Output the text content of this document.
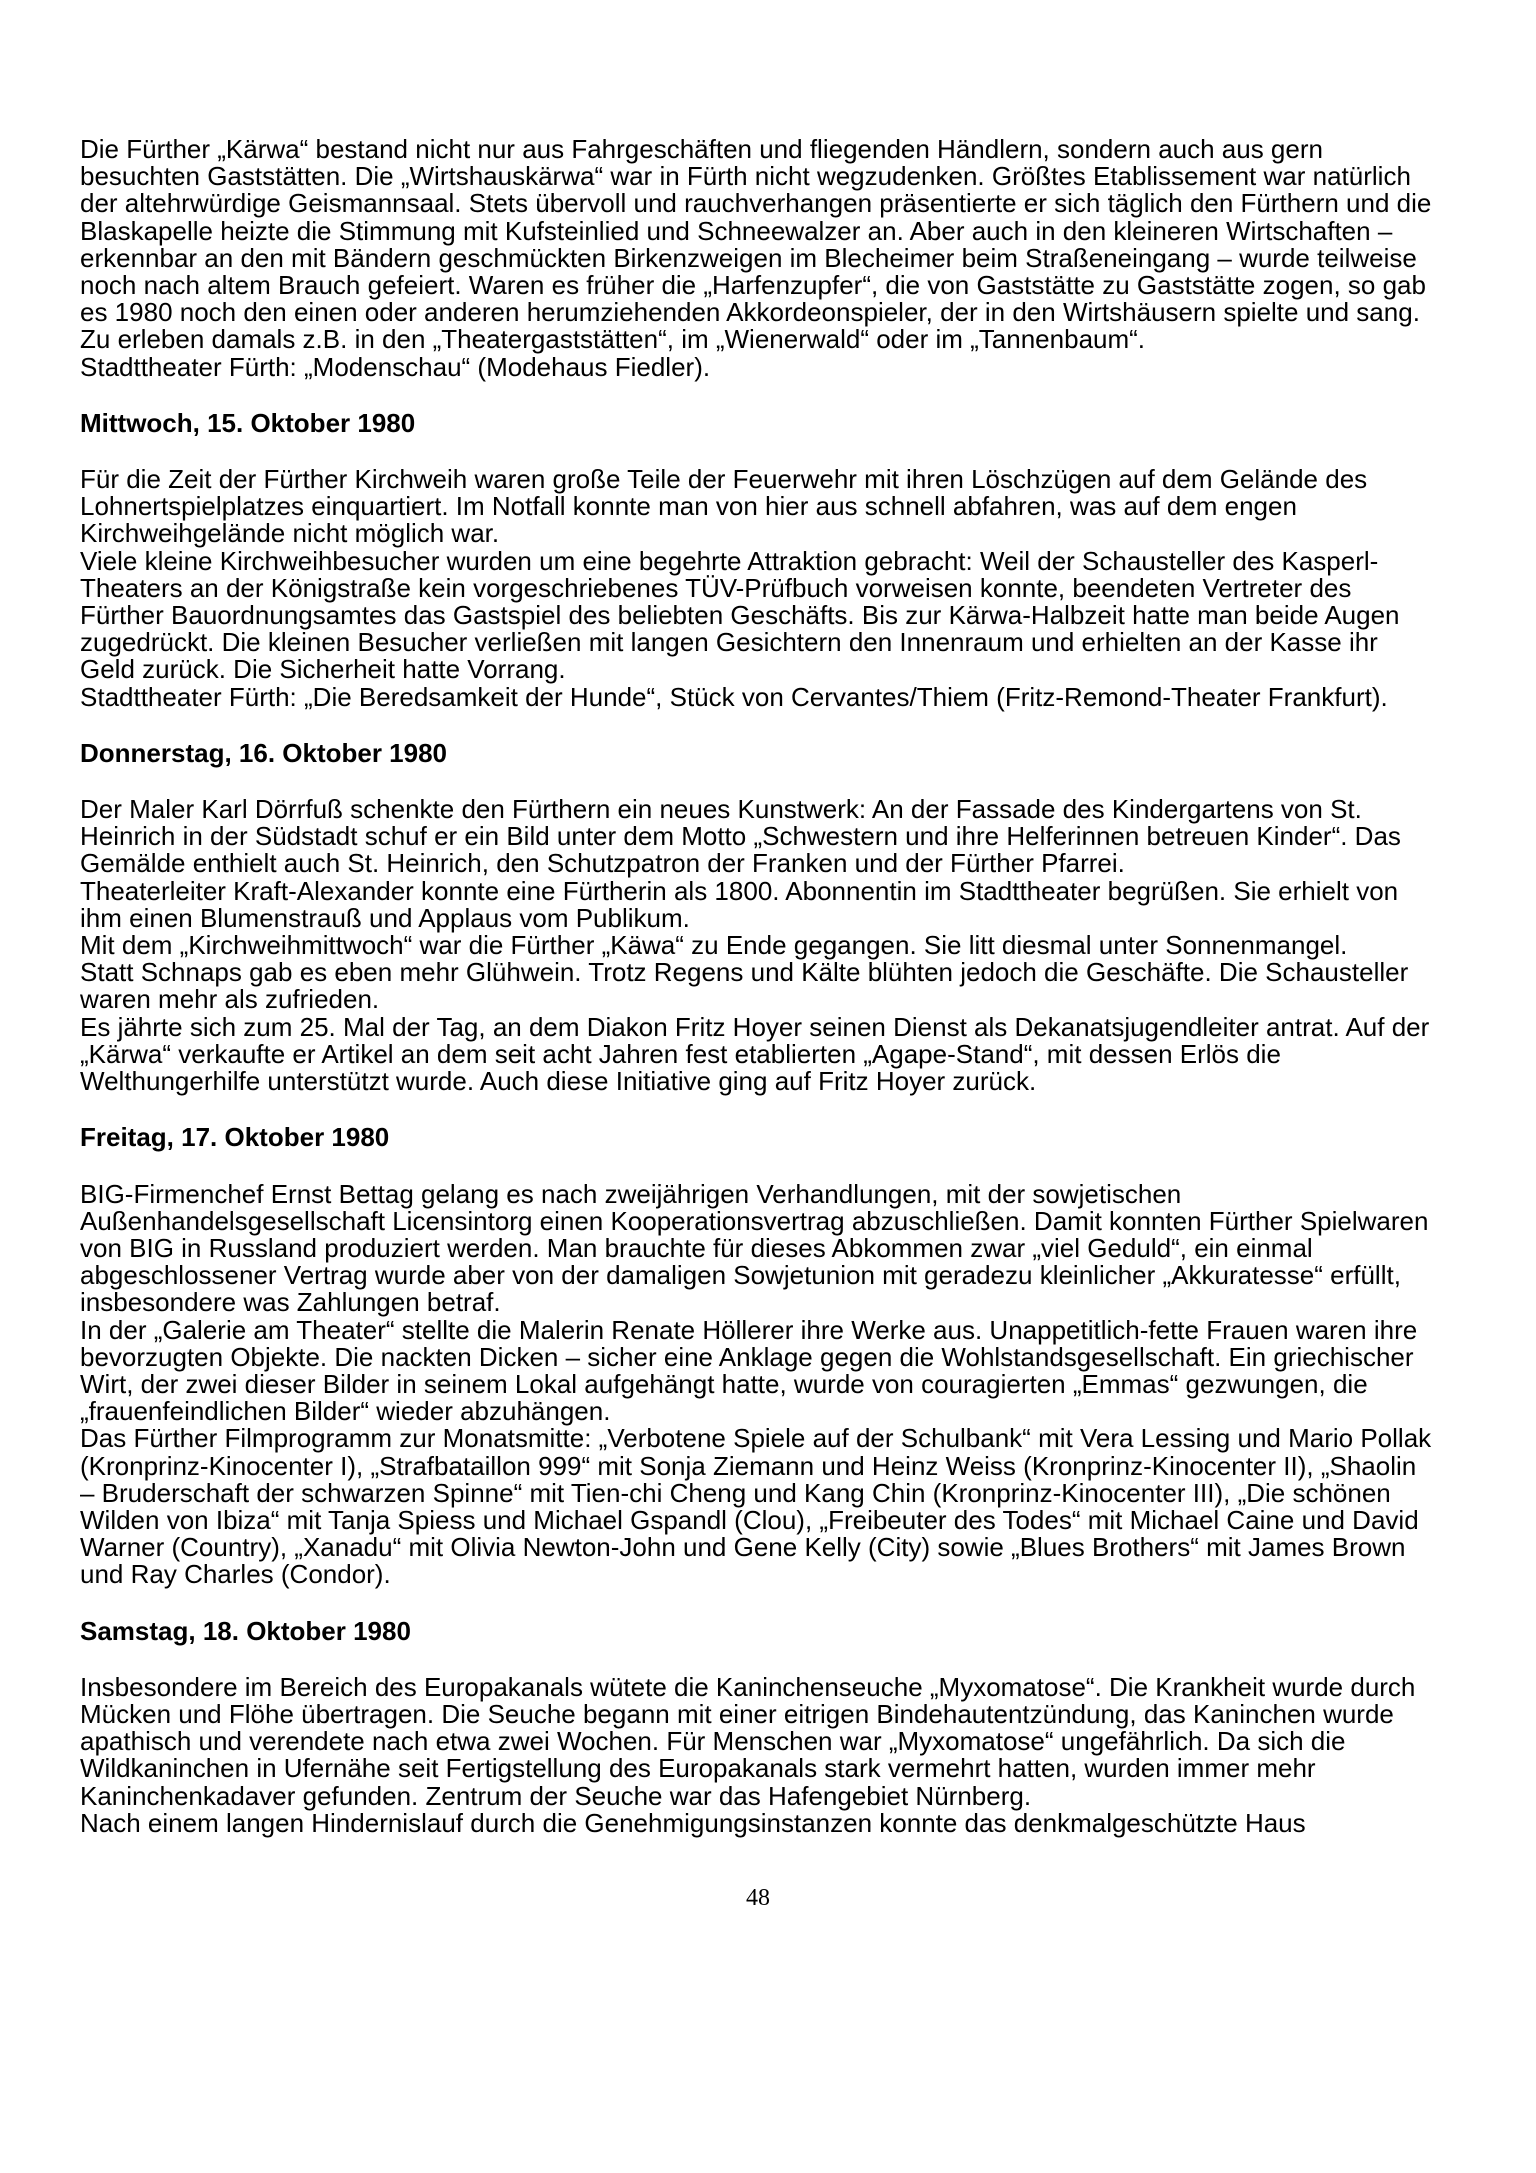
Die Fürther „Kärwa“ bestand nicht nur aus Fahrgeschäften und fliegenden Händlern, sondern auch aus gern besuchten Gaststätten. Die „Wirtshauskärwa“ war in Fürth nicht wegzudenken. Größtes Etablissement war natürlich der altehrwürdige Geismannsaal. Stets übervoll und rauchverhangen präsentierte er sich täglich den Fürthern und die Blaskapelle heizte die Stimmung mit Kufsteinlied und Schneewalzer an. Aber auch in den kleineren Wirtschaften – erkennbar an den mit Bändern geschmückten Birkenzweigen im Blecheimer beim Straßeneingang – wurde teilweise noch nach altem Brauch gefeiert. Waren es früher die „Harfenzupfer“, die von Gaststätte zu Gaststätte zogen, so gab es 1980 noch den einen oder anderen herumziehenden Akkordeonspieler, der in den Wirtshäusern spielte und sang. Zu erleben damals z.B. in den „Theatergaststätten“, im „Wienerwald“ oder im „Tannenbaum“.
Stadttheater Fürth: „Modenschau“ (Modehaus Fiedler).
Mittwoch, 15. Oktober 1980
Für die Zeit der Fürther Kirchweih waren große Teile der Feuerwehr mit ihren Löschzügen auf dem Gelände des Lohnertspielplatzes einquartiert. Im Notfall konnte man von hier aus schnell abfahren, was auf dem engen Kirchweihgelände nicht möglich war.
Viele kleine Kirchweihbesucher wurden um eine begehrte Attraktion gebracht: Weil der Schausteller des Kasperl-Theaters an der Königstraße kein vorgeschriebenes TÜV-Prüfbuch vorweisen konnte, beendeten Vertreter des Fürther Bauordnungsamtes das Gastspiel des beliebten Geschäfts. Bis zur Kärwa-Halbzeit hatte man beide Augen zugedrückt. Die kleinen Besucher verließen mit langen Gesichtern den Innenraum und erhielten an der Kasse ihr Geld zurück. Die Sicherheit hatte Vorrang.
Stadttheater Fürth: „Die Beredsamkeit der Hunde“, Stück von Cervantes/Thiem (Fritz-Remond-Theater Frankfurt).
Donnerstag, 16. Oktober 1980
Der Maler Karl Dörrfuß schenkte den Fürthern ein neues Kunstwerk: An der Fassade des Kindergartens von St. Heinrich in der Südstadt schuf er ein Bild unter dem Motto „Schwestern und ihre Helferinnen betreuen Kinder“. Das Gemälde enthielt auch St. Heinrich, den Schutzpatron der Franken und der Fürther Pfarrei.
Theaterleiter Kraft-Alexander konnte eine Fürtherin als 1800. Abonnentin im Stadttheater begrüßen. Sie erhielt von ihm einen Blumenstrauß und Applaus vom Publikum.
Mit dem „Kirchweihmittwoch“ war die Fürther „Käwa“ zu Ende gegangen. Sie litt diesmal unter Sonnenmangel.
Statt Schnaps gab es eben mehr Glühwein. Trotz Regens und Kälte blühten jedoch die Geschäfte. Die Schausteller waren mehr als zufrieden.
Es jährte sich zum 25. Mal der Tag, an dem Diakon Fritz Hoyer seinen Dienst als Dekanatsjugendleiter antrat. Auf der „Kärwa“ verkaufte er Artikel an dem seit acht Jahren fest etablierten „Agape-Stand“, mit dessen Erlös die Welthungerhilfe unterstützt wurde. Auch diese Initiative ging auf Fritz Hoyer zurück.
Freitag, 17. Oktober 1980
BIG-Firmenchef Ernst Bettag gelang es nach zweijährigen Verhandlungen, mit der sowjetischen Außenhandelsgesellschaft Licensintorg einen Kooperationsvertrag abzuschließen. Damit konnten Fürther Spielwaren von BIG in Russland produziert werden. Man brauchte für dieses Abkommen zwar „viel Geduld“, ein einmal abgeschlossener Vertrag wurde aber von der damaligen Sowjetunion mit geradezu kleinlicher „Akkuratesse“ erfüllt, insbesondere was Zahlungen betraf.
In der „Galerie am Theater“ stellte die Malerin Renate Höllerer ihre Werke aus. Unappetitlich-fette Frauen waren ihre bevorzugten Objekte. Die nackten Dicken – sicher eine Anklage gegen die Wohlstandsgesellschaft. Ein griechischer Wirt, der zwei dieser Bilder in seinem Lokal aufgehängt hatte, wurde von couragierten „Emmas“ gezwungen, die „frauenfeindlichen Bilder“ wieder abzuhängen.
Das Fürther Filmprogramm zur Monatsmitte: „Verbotene Spiele auf der Schulbank“ mit Vera Lessing und Mario Pollak (Kronprinz-Kinocenter I), „Strafbataillon 999“ mit Sonja Ziemann und Heinz Weiss (Kronprinz-Kinocenter II), „Shaolin – Bruderschaft der schwarzen Spinne“ mit Tien-chi Cheng und Kang Chin (Kronprinz-Kinocenter III), „Die schönen Wilden von Ibiza“ mit Tanja Spiess und Michael Gspandl (Clou), „Freibeuter des Todes“ mit Michael Caine und David Warner (Country), „Xanadu“ mit Olivia Newton-John und Gene Kelly (City) sowie „Blues Brothers“ mit James Brown und Ray Charles (Condor).
Samstag, 18. Oktober 1980
Insbesondere im Bereich des Europakanals wütete die Kaninchenseuche „Myxomatose“. Die Krankheit wurde durch Mücken und Flöhe übertragen. Die Seuche begann mit einer eitrigen Bindehautentzündung, das Kaninchen wurde apathisch und verendete nach etwa zwei Wochen. Für Menschen war „Myxomatose“ ungefährlich. Da sich die Wildkaninchen in Ufernähe seit Fertigstellung des Europakanals stark vermehrt hatten, wurden immer mehr Kaninchenkadaver gefunden. Zentrum der Seuche war das Hafengebiet Nürnberg.
Nach einem langen Hindernislauf durch die Genehmigungsinstanzen konnte das denkmalgeschützte Haus
48
